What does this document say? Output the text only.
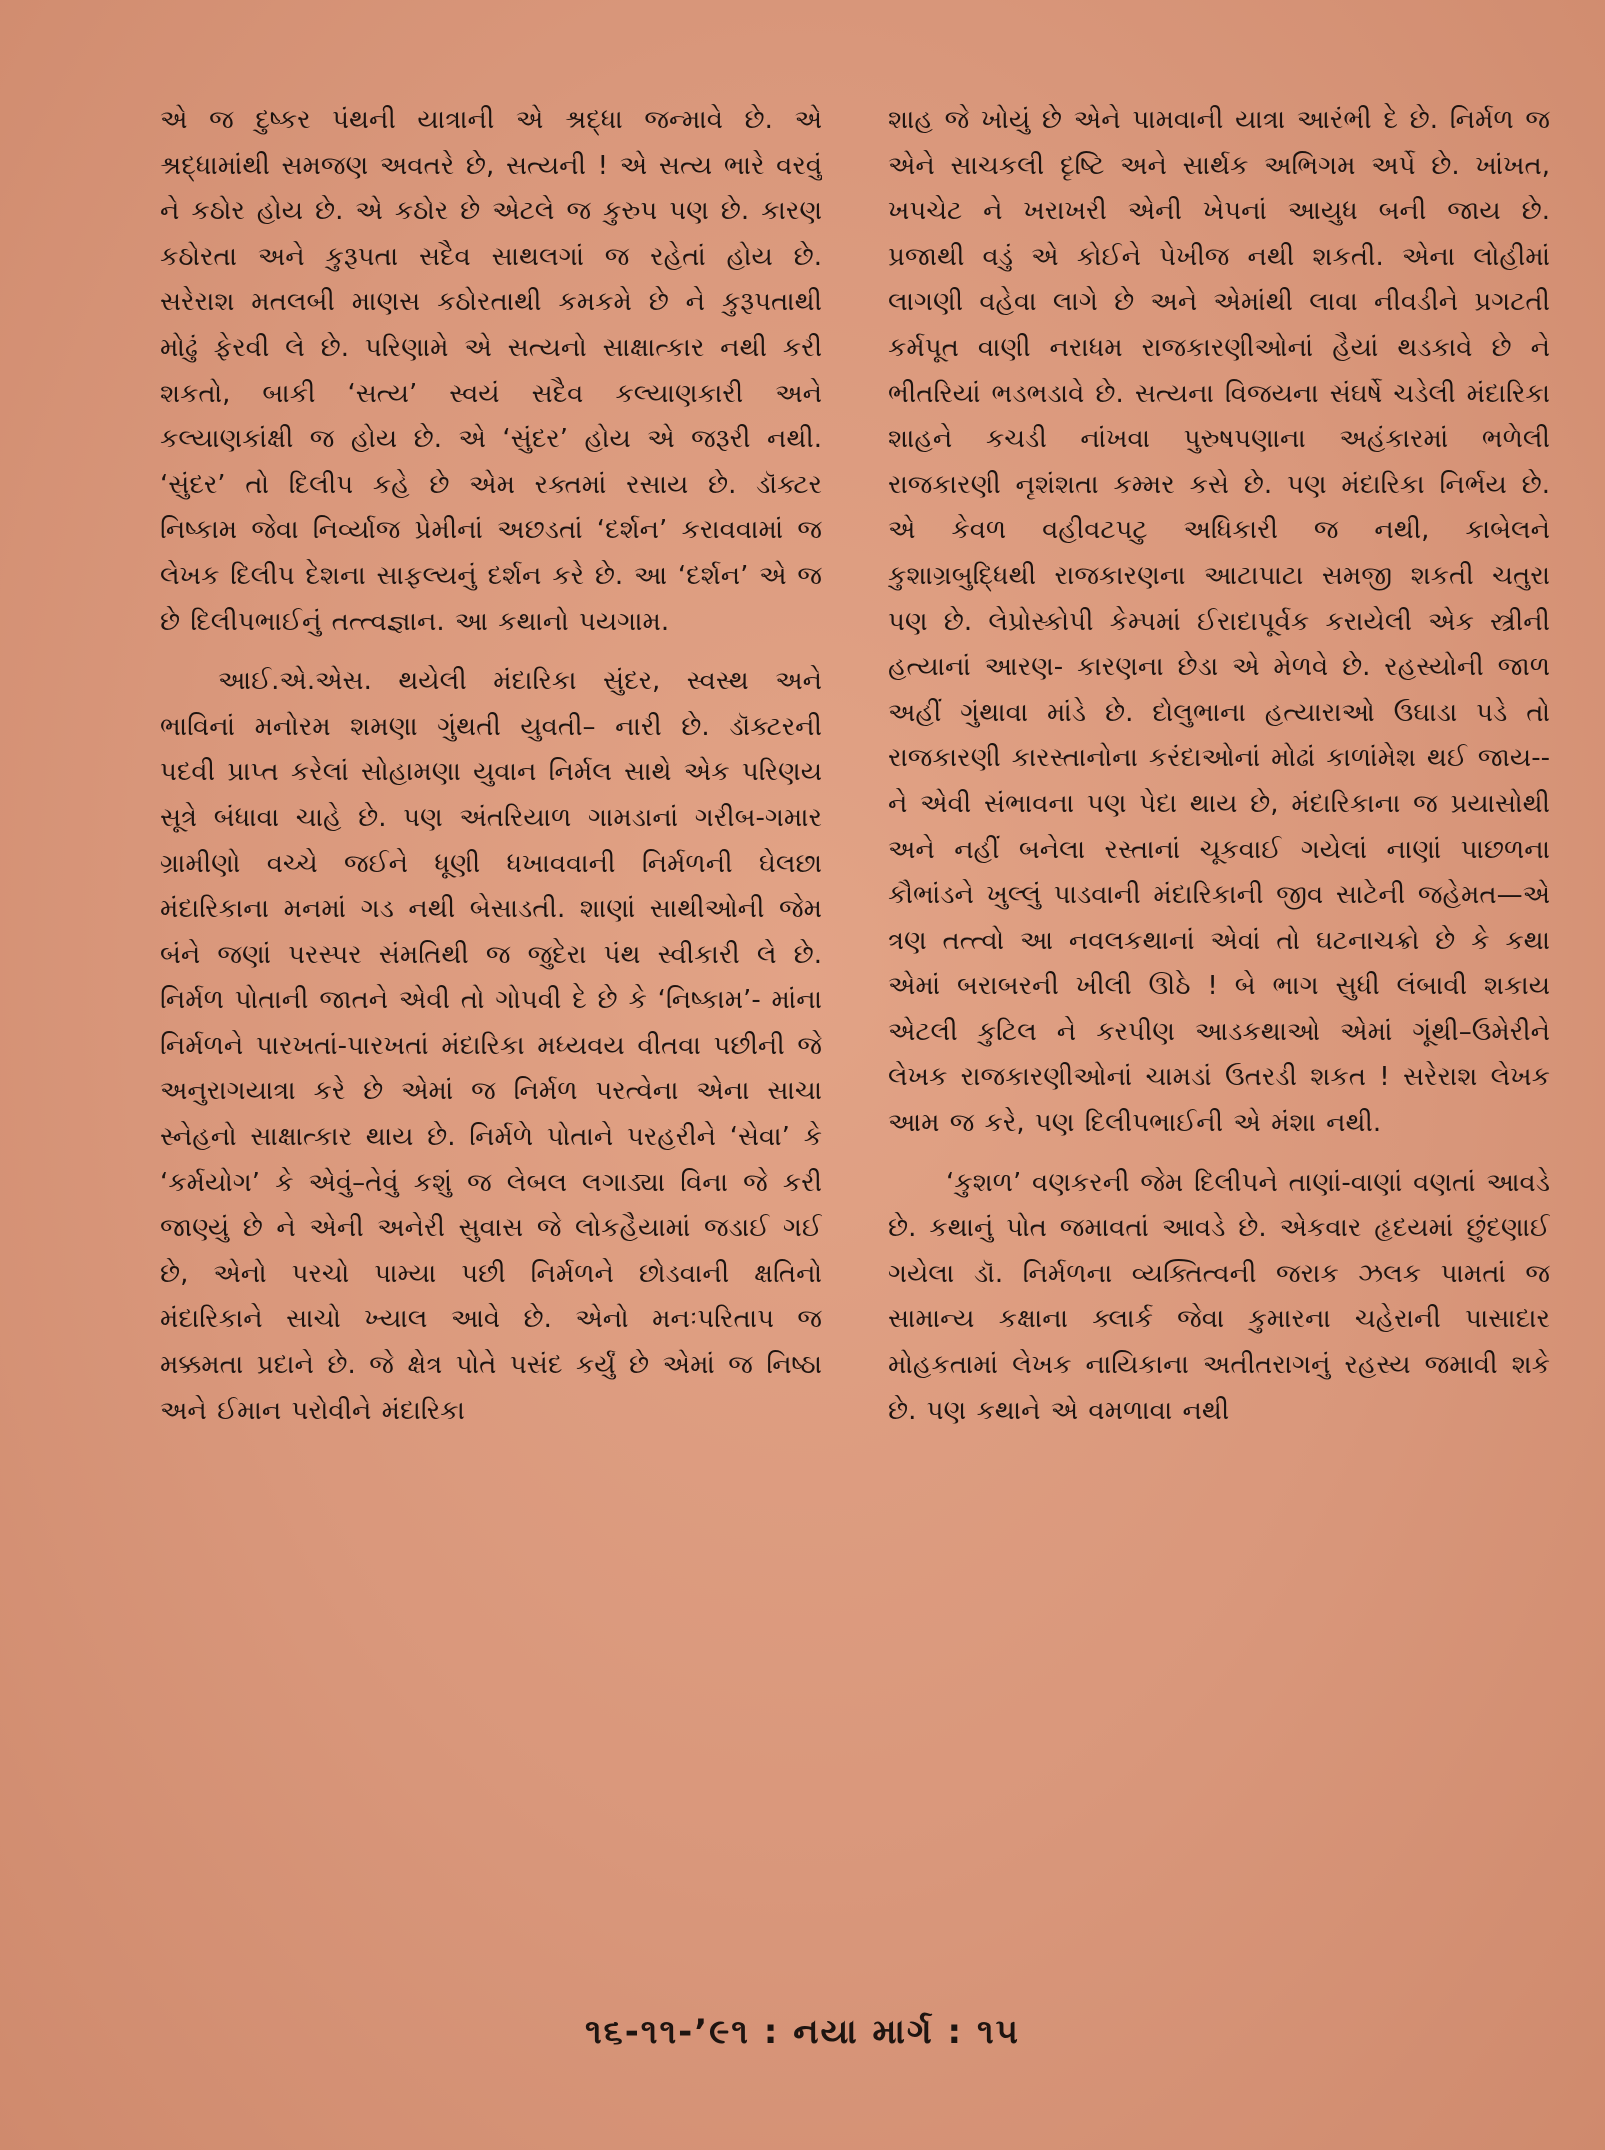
એ જ દુષ્કર પંથની યાત્રાની એ શ્રદ્ધા જન્માવે છે. એ શ્રદ્ધામાંથી સમજણ અવતરે છે, સત્યની ! એ સત્ય ભારે વરવું ને કઠોર હોય છે. એ કઠોર છે એટલે જ કુરુપ પણ છે. કારણ કઠોરતા અને કુરૂપતા સદૈવ સાથલગાં જ રહેતાં હોય છે. સરેરાશ મતલબી માણસ કઠોરતાથી કમકમે છે ને કુરૂપતાથી મોઢું ફેરવી લે છે. પરિણામે એ સત્યનો સાક્ષાત્કાર નથી કરી શકતો, બાકી ‘સત્ય’ સ્વયં સદૈવ કલ્યાણકારી અને કલ્યાણકાંક્ષી જ હોય છે. એ ‘સુંદર’ હોય એ જરૂરી નથી. ‘સુંદર’ તો દિલીપ કહે છે એમ રક્તમાં રસાય છે. ડૉક્ટર નિષ્કામ જેવા નિર્વ્યાજ પ્રેમીનાં અછડતાં ‘દર્શન’ કરાવવામાં જ લેખક દિલીપ દેશના સાફલ્યનું દર્શન કરે છે. આ ‘દર્શન’ એ જ છે દિલીપભાઈનું તત્ત્વજ્ઞાન. આ કથાનો પયગામ.

આઈ.એ.એસ. થયેલી મંદારિકા સુંદર, સ્વસ્થ અને ભાવિનાં મનોરમ શમણા ગુંથતી યુવતી– નારી છે. ડૉક્ટરની પદવી પ્રાપ્ત કરેલાં સોહામણા યુવાન નિર્મલ સાથે એક પરિણય સૂત્રે બંધાવા ચાહે છે. પણ અંતરિયાળ ગામડાનાં ગરીબ-ગમાર ગ્રામીણો વચ્ચે જઈને ધૂણી ધખાવવાની નિર્મળની ઘેલછા મંદારિકાના મનમાં ગડ નથી બેસાડતી. શાણાં સાથીઓની જેમ બંને જણાં પરસ્પર સંમતિથી જ જુદેરા પંથ સ્વીકારી લે છે. નિર્મળ પોતાની જાતને એવી તો ગોપવી દે છે કે ‘નિષ્કામ’- માંના નિર્મળને પારખતાં-પારખતાં મંદારિકા મધ્યવય વીતવા પછીની જે અનુરાગયાત્રા કરે છે એમાં જ નિર્મળ પરત્વેના એના સાચા સ્નેહનો સાક્ષાત્કાર થાય છે. નિર્મળે પોતાને પરહરીને ‘સેવા’ કે ‘કર્મયોગ’ કે એવું–તેવું કશું જ લેબલ લગાડ્યા વિના જે કરી જાણ્યું છે ને એની અનેરી સુવાસ જે લોકહૈયામાં જડાઈ ગઈ છે, એનો પરચો પામ્યા પછી નિર્મળને છોડવાની ક્ષતિનો મંદારિકાને સાચો ખ્યાલ આવે છે. એનો મનઃપરિતાપ જ મક્કમતા પ્રદાને છે. જે ક્ષેત્ર પોતે પસંદ કર્યું છે એમાં જ નિષ્ઠા અને ઈમાન પરોવીને મંદારિકા

શાહ જે ખોયું છે એને પામવાની યાત્રા આરંભી દે છે. નિર્મળ જ એને સાચકલી દૃષ્ટિ અને સાર્થક અભિગમ અર્પે છે. ખાંખત, ખપચેટ ને ખરાખરી એની ખેપનાં આયુધ બની જાય છે. પ્રજાથી વડું એ કોઈને પેખીજ નથી શકતી. એના લોહીમાં લાગણી વહેવા લાગે છે અને એમાંથી લાવા નીવડીને પ્રગટતી કર્મપૂત વાણી નરાધમ રાજકારણીઓનાં હૈયાં થડકાવે છે ને ભીતરિયાં ભડભડાવે છે. સત્યના વિજયના સંઘર્ષે ચડેલી મંદારિકા શાહને કચડી નાંખવા પુરુષપણાના અહંકારમાં ભળેલી રાજકારણી નૃશંશતા કમ્મર કસે છે. પણ મંદારિકા નિર્ભય છે. એ કેવળ વહીવટપટુ અધિકારી જ નથી, કાબેલને કુશાગ્રબુદ્ધિથી રાજકારણના આટાપાટા સમજી શકતી ચતુરા પણ છે. લેપ્રોસ્કોપી કેમ્પમાં ઈરાદાપૂર્વક કરાયેલી એક સ્ત્રીની હત્યાનાં આરણ- કારણના છેડા એ મેળવે છે. રહસ્યોની જાળ અહીં ગુંથાવા માંડે છે. દોલુભાના હત્યારાઓ ઉઘાડા પડે તો રાજકારણી કારસ્તાનોના કરંદાઓનાં મોઢાં કાળાંમેશ થઈ જાય--ને એવી સંભાવના પણ પેદા થાય છે, મંદારિકાના જ પ્રયાસોથી અને નહીં બનેલા રસ્તાનાં ચૂકવાઈ ગયેલાં નાણાં પાછળના કૌભાંડને ખુલ્લું પાડવાની મંદારિકાની જીવ સાટેની જહેમત—એ ત્રણ તત્ત્વો આ નવલકથાનાં એવાં તો ઘટનાચક્રો છે કે કથા એમાં બરાબરની ખીલી ઊઠે ! બે ભાગ સુધી લંબાવી શકાય એટલી કુટિલ ને કરપીણ આડકથાઓ એમાં ગૂંથી–ઉમેરીને લેખક રાજકારણીઓનાં ચામડાં ઉતરડી શકત ! સરેરાશ લેખક આમ જ કરે, પણ દિલીપભાઈની એ મંશા નથી.

‘કુશળ’ વણકરની જેમ દિલીપને તાણાં-વાણાં વણતાં આવડે છે. કથાનું પોત જમાવતાં આવડે છે. એકવાર હૃદયમાં છુંદણાઈ ગયેલા ડૉ. નિર્મળના વ્યક્તિત્વની જરાક ઝલક પામતાં જ સામાન્ય કક્ષાના ક્લાર્ક જેવા કુમારના ચહેરાની પાસાદાર મોહકતામાં લેખક નાયિકાના અતીતરાગનું રહસ્ય જમાવી શકે છે. પણ કથાને એ વમળાવા નથી

૧૬-૧૧-’૯૧ : નયા માર્ગ : ૧૫
